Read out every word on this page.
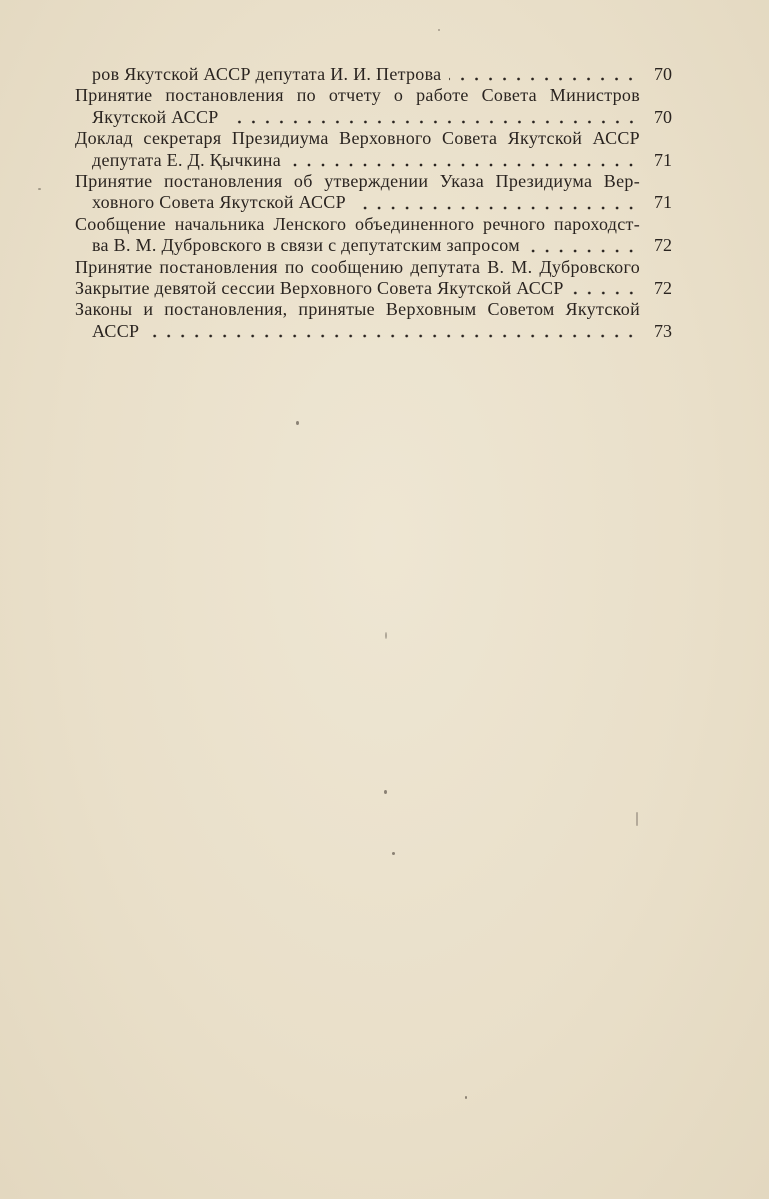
ров Якутской АССР депутата И. И. Петрова	70
Принятие постановления по отчету о работе Совета Министров
Якутской АССР	70
Доклад секретаря Президиума Верховного Совета Якутской АССР
депутата Е. Д. Қычкина	71
Принятие постановления об утверждении Указа Президиума Вер-
ховного Совета Якутской АССР	71
Сообщение начальника Ленского объединенного речного пароходст-
ва В. М. Дубровского в связи с депутатским запросом	72
Принятие постановления по сообщению депутата В. М. Дубровского
Закрытие девятой сессии Верховного Совета Якутской АССР	72
Законы и постановления, принятые Верховным Советом Якутской
АССР	73
